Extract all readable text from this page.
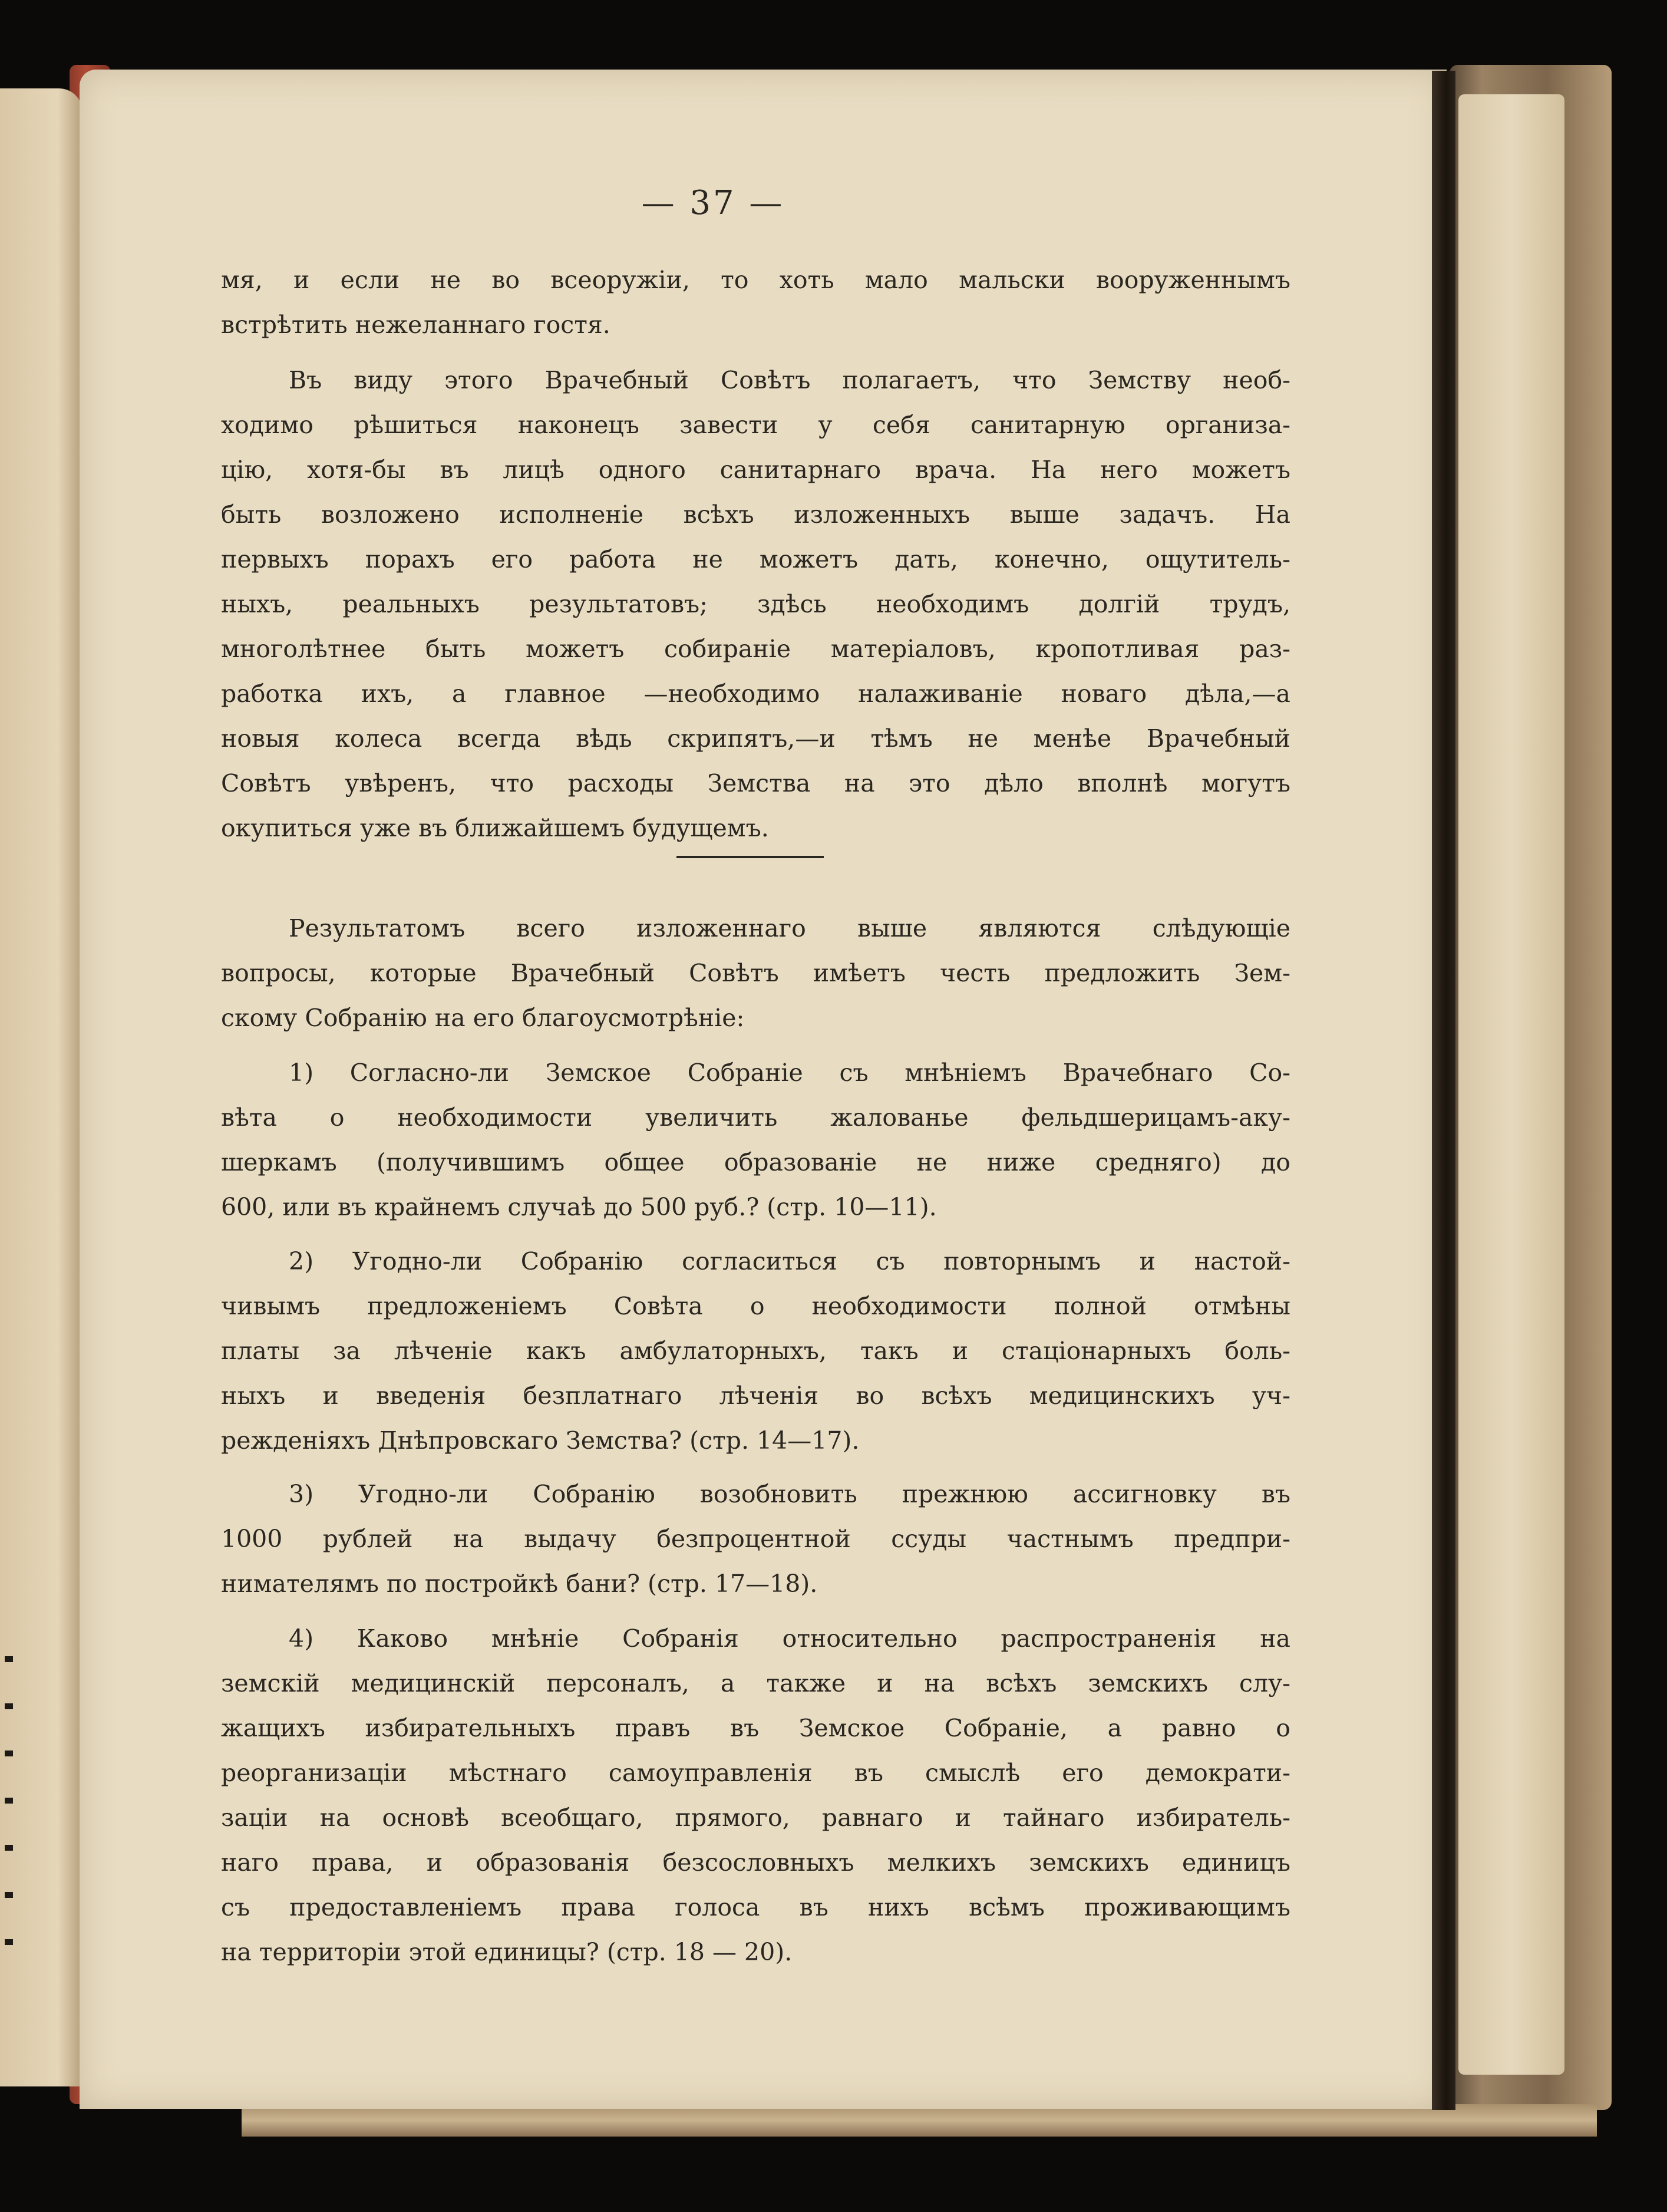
— 37 —
мя, и если не во всеоружіи, то хоть мало мальски вооруженнымъ
встрѣтить нежеланнаго гостя.
Въ виду этого Врачебный Совѣтъ полагаетъ, что Земству необ-
ходимо рѣшиться наконецъ завести у себя санитарную организа-
цію, хотя-бы въ лицѣ одного санитарнаго врача. На него можетъ
быть возложено исполненіе всѣхъ изложенныхъ выше задачъ. На
первыхъ порахъ его работа не можетъ дать, конечно, ощутитель-
ныхъ, реальныхъ результатовъ; здѣсь необходимъ долгій трудъ,
многолѣтнее быть можетъ собираніе матеріаловъ, кропотливая раз-
работка ихъ, а главное —необходимо налаживаніе новаго дѣла,—а
новыя колеса всегда вѣдь скрипятъ,—и тѣмъ не менѣе Врачебный
Совѣтъ увѣренъ, что расходы Земства на это дѣло вполнѣ могутъ
окупиться уже въ ближайшемъ будущемъ.
Результатомъ всего изложеннаго выше являются слѣдующіе
вопросы, которые Врачебный Совѣтъ имѣетъ честь предложить Зем-
скому Собранію на его благоусмотрѣніе:
1) Согласно-ли Земское Собраніе съ мнѣніемъ Врачебнаго Со-
вѣта о необходимости увеличить жалованье фельдшерицамъ-аку-
шеркамъ (получившимъ общее образованіе не ниже средняго) до
600, или въ крайнемъ случаѣ до 500 руб.? (стр. 10—11).
2) Угодно-ли Собранію согласиться съ повторнымъ и настой-
чивымъ предложеніемъ Совѣта о необходимости полной отмѣны
платы за лѣченіе какъ амбулаторныхъ, такъ и стаціонарныхъ боль-
ныхъ и введенія безплатнаго лѣченія во всѣхъ медицинскихъ уч-
режденіяхъ Днѣпровскаго Земства? (стр. 14—17).
3) Угодно-ли Собранію возобновить прежнюю ассигновку въ
1000 рублей на выдачу безпроцентной ссуды частнымъ предпри-
нимателямъ по постройкѣ бани? (стр. 17—18).
4) Каково мнѣніе Собранія относительно распространенія на
земскій медицинскій персоналъ, а также и на всѣхъ земскихъ слу-
жащихъ избирательныхъ правъ въ Земское Собраніе, а равно о
реорганизаціи мѣстнаго самоуправленія въ смыслѣ его демократи-
заціи на основѣ всеобщаго, прямого, равнаго и тайнаго избиратель-
наго права, и образованія безсословныхъ мелкихъ земскихъ единицъ
съ предоставленіемъ права голоса въ нихъ всѣмъ проживающимъ
на территоріи этой единицы? (стр. 18 — 20).
